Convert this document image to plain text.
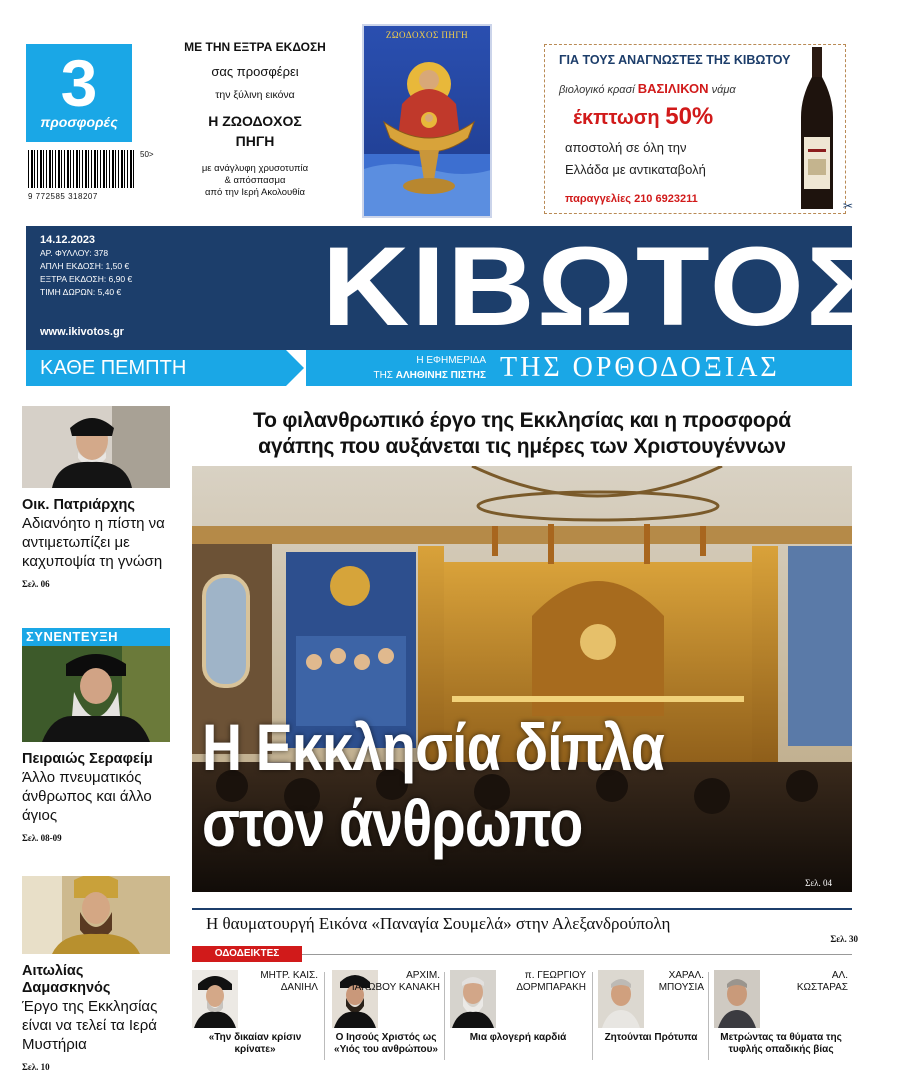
3
προσφορές
50>
9 772585 318207
ΜΕ ΤΗΝ ΕΞΤΡΑ ΕΚΔΟΣΗ
σας προσφέρει
την ξύλινη εικόνα
Η ΖΩΟΔΟΧΟΣ
ΠΗΓΗ
με ανάγλυφη χρυσοτυπία
& απόσπασμα
από την Ιερή Ακολουθία
ΖΩΟΔΟΧΟΣ ΠΗΓΗ
ΓΙΑ ΤΟΥΣ ΑΝΑΓΝΩΣΤΕΣ ΤΗΣ ΚΙΒΩΤΟΥ
βιολογικό κρασί ΒΑΣΙΛΙΚΟΝ νάμα
έκπτωση 50%
αποστολή σε όλη την
Ελλάδα με αντικαταβολή
παραγγελίες 210 6923211	✂
14.12.2023
ΑΡ. ΦΥΛΛΟΥ: 378
ΑΠΛΗ ΕΚΔΟΣΗ: 1,50 €
ΕΞΤΡΑ ΕΚΔΟΣΗ: 6,90 €
ΤΙΜΗ ΔΩΡΩΝ: 5,40 €
www.ikivotos.gr ΚΙΒΩΤΟΣ
ΚΑΘΕ ΠΕΜΠΤΗ	Η ΕΦΗΜΕΡΙΔΑ
ΤΗΣ ΑΛΗΘΙΝΗΣ ΠΙΣΤΗΣ ΤΗΣ ΟΡΘΟΔΟΞΙΑΣ
Οικ. Πατριάρχης
Αδιανόητο η πίστη να αντιμετωπίζει με καχυποψία τη γνώση
Σελ. 06
ΣΥΝΕΝΤΕΥΞΗ
Πειραιώς Σεραφείμ
Άλλο πνευματικός άνθρωπος και άλλο άγιος
Σελ. 08-09
Αιτωλίας Δαμασκηνός
Έργο της Εκκλησίας είναι να τελεί τα Ιερά Μυστήρια
Σελ. 10
Το φιλανθρωπικό έργο της Εκκλησίας και η προσφορά
αγάπης που αυξάνεται τις ημέρες των Χριστουγέννων
Η Εκκλησία δίπλα
στον άνθρωπο
Σελ. 04
Η θαυματουργή Εικόνα «Παναγία Σουμελά» στην Αλεξανδρούπολη
Σελ. 30
ΟΔΟΔΕΙΚΤΕΣ
ΜΗΤΡ. ΚΑΙΣ.
ΔΑΝΙΗΛ
«Την δικαίαν κρίσιν κρίνατε»
ΑΡΧΙΜ.
ΙΑΚΩΒΟΥ ΚΑΝΑΚΗ
Ο Ιησούς Χριστός ως «Υιός του ανθρώπου»
π. ΓΕΩΡΓΙΟΥ
ΔΟΡΜΠΑΡΑΚΗ
Μια φλογερή καρδιά
ΧΑΡΑΛ.
ΜΠΟΥΣΙΑ
Ζητούνται Πρότυπα
ΑΛ.
ΚΩΣΤΑΡΑΣ
Μετρώντας τα θύματα της τυφλής οπαδικής βίας
